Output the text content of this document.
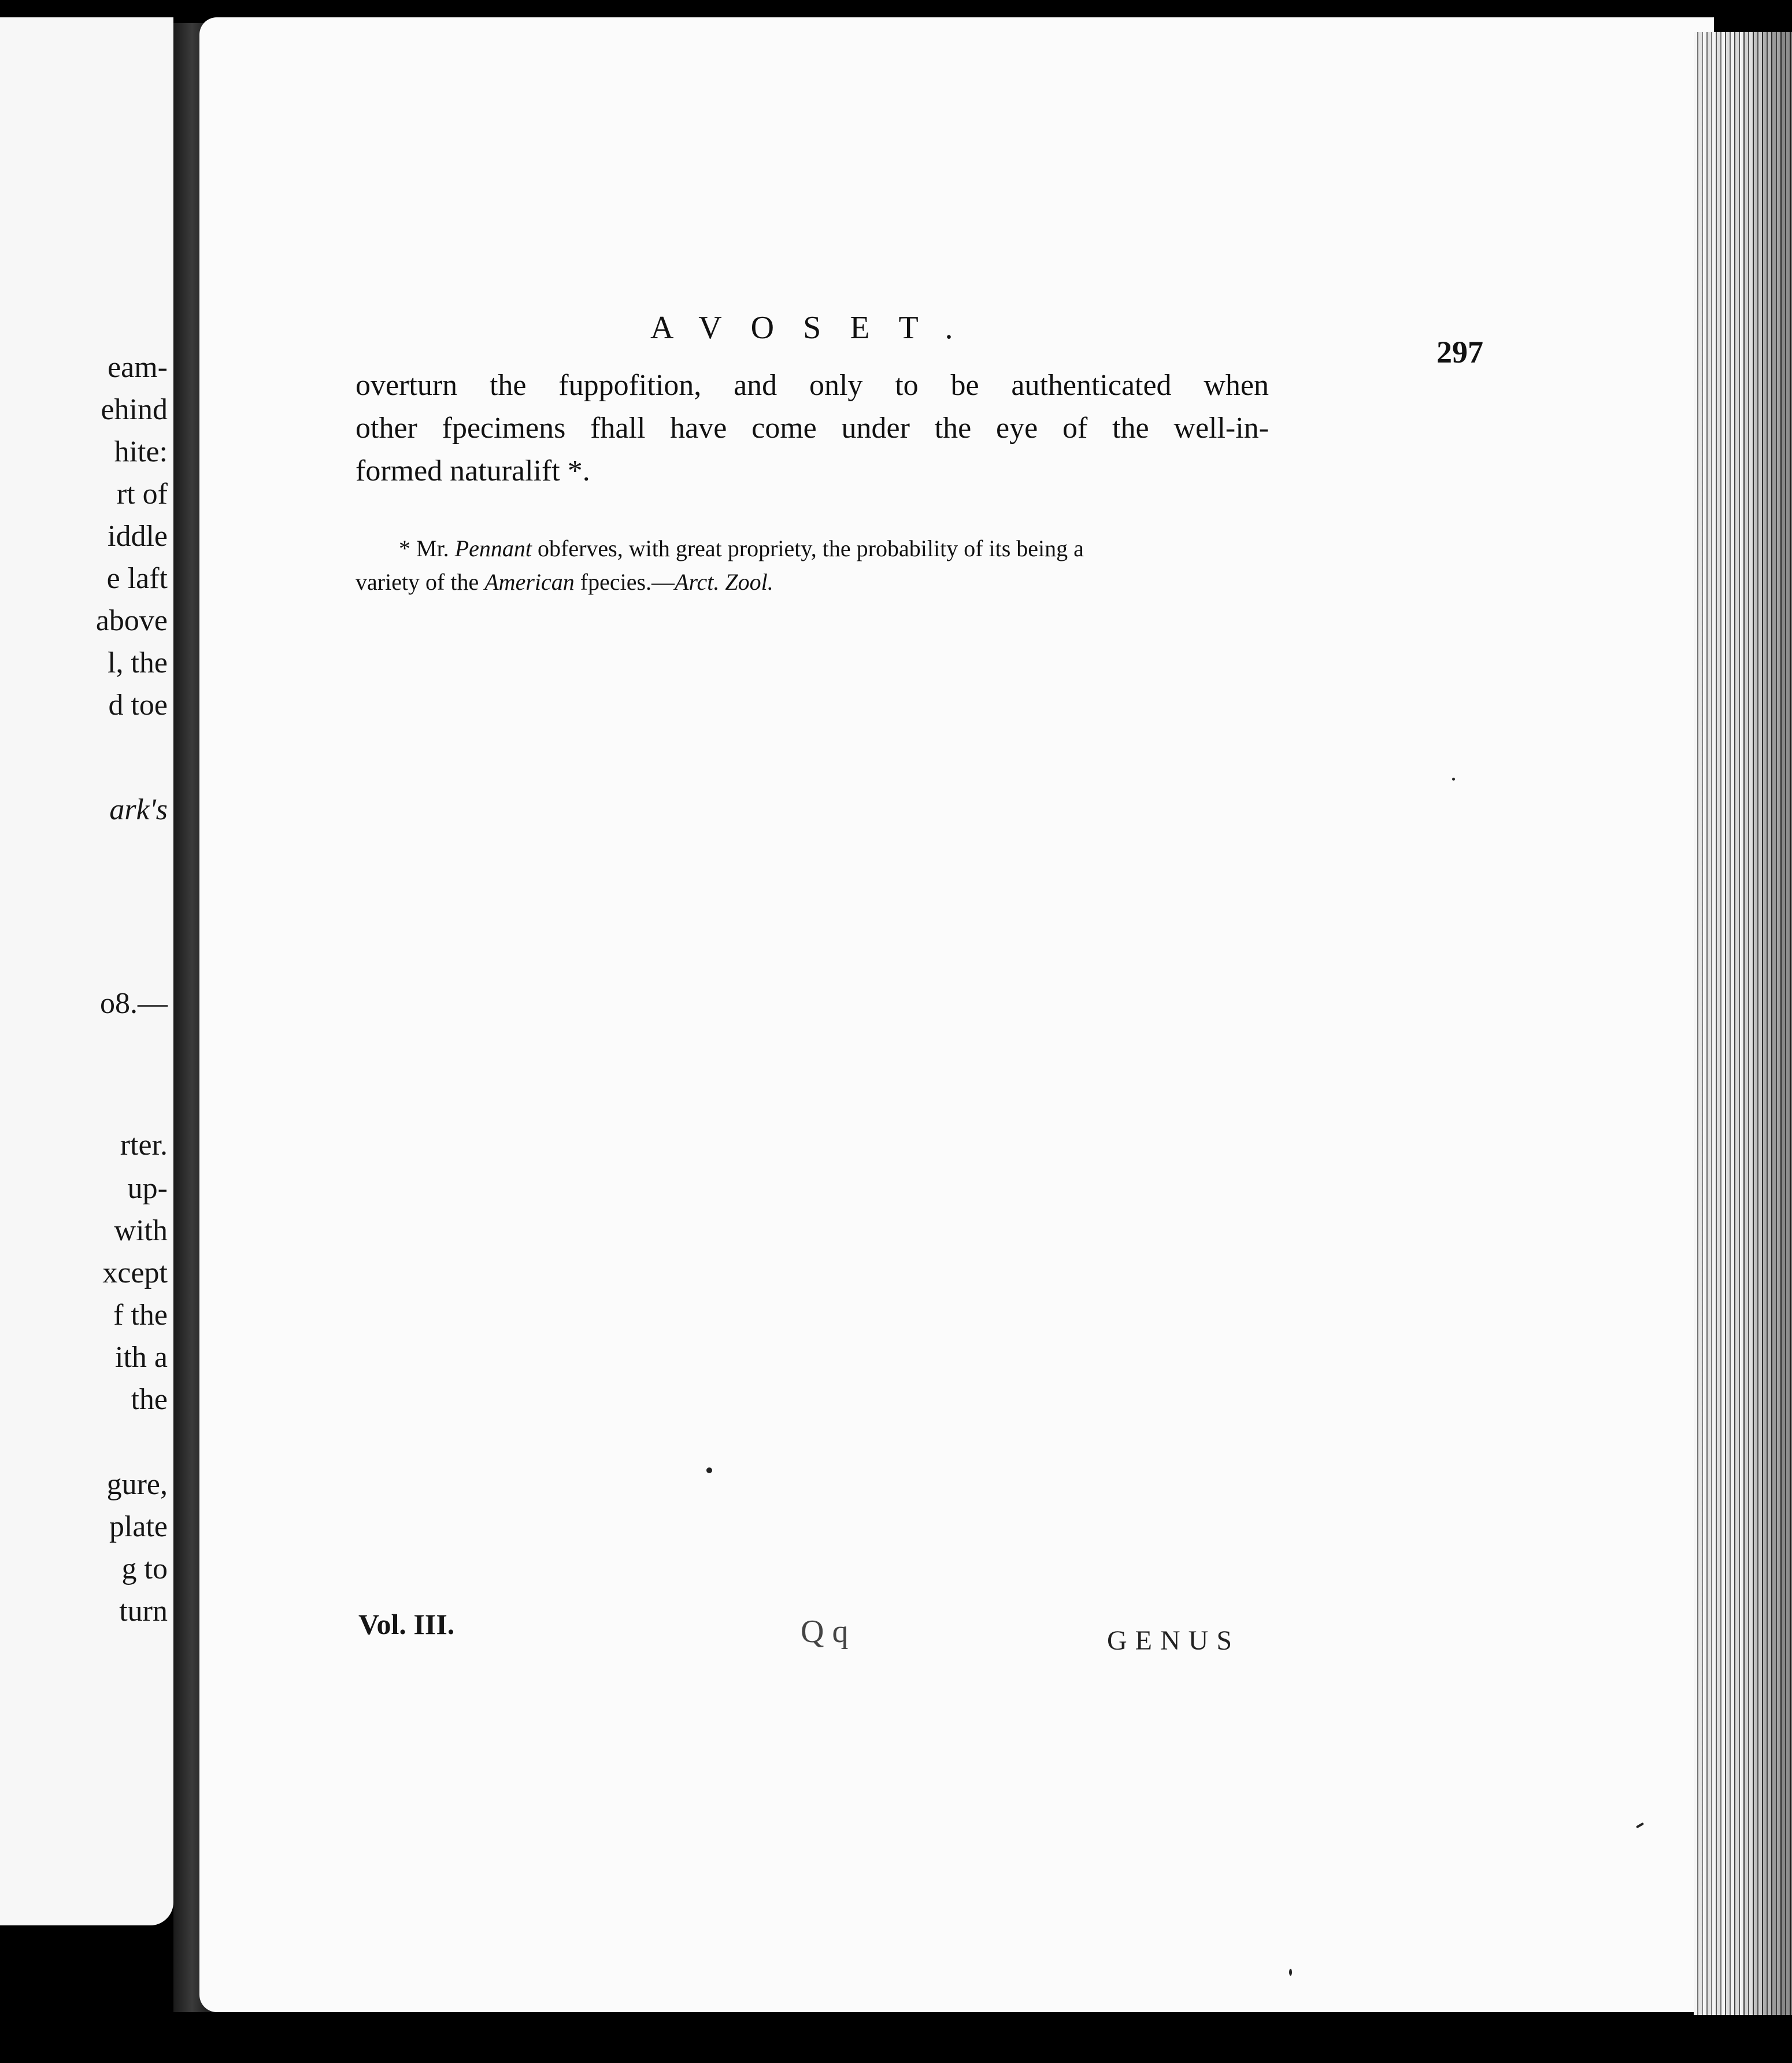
eam-
ehind
hite:
rt of
iddle
e laft
above
l, the
d toe
ark's
o8.—
rter.
up-
with
xcept
f the
ith a
the
gure,
plate
g to
turn
AVOSET.
297
overturn the fuppofition, and only to be authenticated when
other fpecimens fhall have come under the eye of the well-in-
formed naturalift *.
* Mr. Pennant obferves, with great propriety, the probability of its being a
variety of the American fpecies.—Arct. Zool.
Vol. III.	Q q	GENUS
